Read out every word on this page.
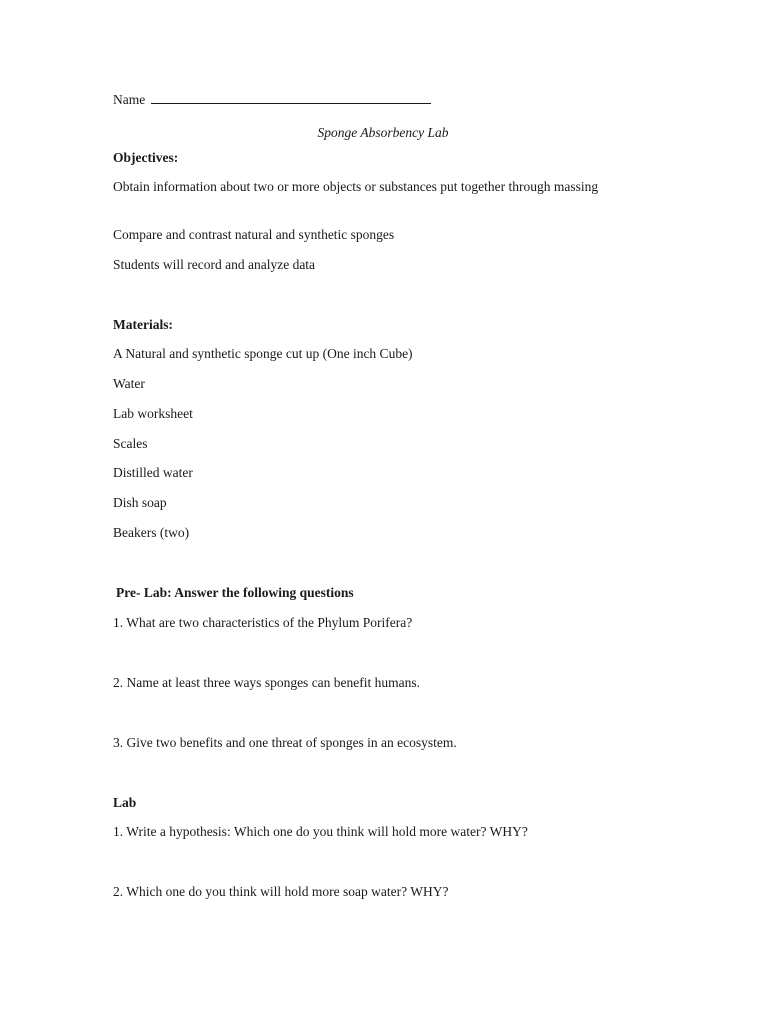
Name
Sponge Absorbency Lab
Objectives:
Obtain information about two or more objects or substances put together through massing
Compare and contrast natural and synthetic sponges
Students will record and analyze data
Materials:
A Natural and synthetic sponge cut up (One inch Cube)
Water
Lab worksheet
Scales
Distilled water
Dish soap
Beakers (two)
Pre- Lab: Answer the following questions
1. What are two characteristics of the Phylum Porifera?
2. Name at least three ways sponges can benefit humans.
3. Give two benefits and one threat of sponges in an ecosystem.
Lab
1. Write a hypothesis: Which one do you think will hold more water? WHY?
2. Which one do you think will hold more soap water? WHY?
